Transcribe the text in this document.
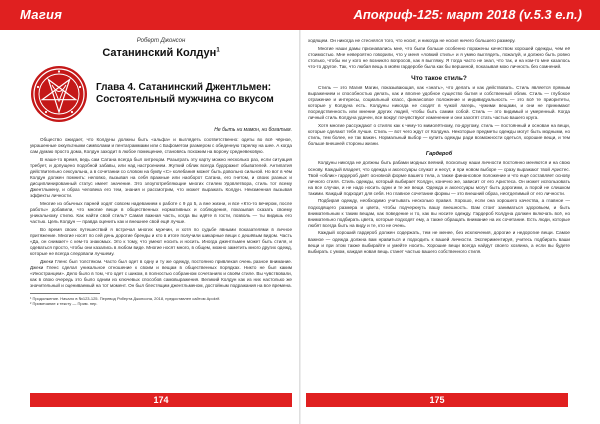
Магия	Апокриф-125: март 2018 (v.5.3 e.n.)
Роберт Джонсон
Сатанинский Колдун$^1$
Глава 4. Сатанинский Джентльмен: Состоятельный мужчина со вкусом
Не быть ни мамон, ни богатым.

Общество ожидает, что Колдуны должны быть «альфа» и выглядеть соответственно: одеты во всё чёрное, украшенные оккультными символами и пентаграммами или с Бафометом размером с обеденную тарелку на шее. А когда сам думаю просто дома, Колдун заходит в любое помещение, становясь похожим на ворону средневековую.

В наше-то время, ведь сам Сатана всегда был хитрецом. Разыграть эту карту можно несколько раз, если ситуация требует, и допущено подобной забавы, или над настроением. Жуткий облик всегда будоражит обывателей. Антипатия действительно сексуальна, а в сочетании со словом на букву «С» колебания может быть довольно сильной. Но вот в чём Колдун должен помнить: неловко, вызывая на себя вражные или наоборот Сатана, его гнетом, и своих разных и дисциплинированный статус имеет значение. Это злоупотребляющие многих стилем Удовлетвора, стиль тот всему Джентльмену, и образ человека его тем, знания и рассмотрим, что может выражать Колдун. Неизменная вызывая эффекты личности.

Многие из обычных парней ходят совсем надеванием к работе с 9 до 5, а вне жизни, и все «Кто-то вечером, после работы» добавили, что многие вещи в общественных нормативных и соблюдения, показывая сказать своему уникальному стилю. Как найти свой стиль? Самая важная часть, когда вы идёте в гости, позволь — ты видишь его частью. Цель Колдун — правда оценить как и внешнее свой ещё лучше.

Во время своих путешествий я встречал многих мужчин, и хотя по судьбе явными показателями в личное притяжение. Многие носят по сей день дорогие бренды и кто в итоге получили шикарные вещи с дешёвым видом. Часть «Да, он снимает» с кем-то знакомых. Это к тому, что умеют носить и носить. Иногда джентльмен может быть стиля, и одеваться просто, чтобы они казались в любом виде. Многие носят много, в общем, можно заметить много других одежд, которые не всегда следовали лучшему.

Джеки Гленс был толстяком. Часто был одет в одну и ту же одежду, постоянно привлекая очень разное внимание. Джеки Гленс сделал уникальное отношение к своим и вещам в общественных порядках. Никто не был каким «Иностранцем». Дело было в том, что одет с шиком, в полностью собранном сочетаниях и своём стиле. Вы чувствовали, как в свою очередь это было одним из ключевых способов самовыражения. Великий Колдун как из них настолько же значительный и оцениваемый на тот момент. Он был блестящим джентльменом, достойным подражания на все времена.

¹ Продолжение. Начало в №123-125. Перевод Роберта Джонсона, 2018, предоставлен сайтом Apokrif.

² Примечание к тексту — Прим. пер.

174

ходящем. Он никогда не стеснялся того, что носит, и никогда не носил ничего большего размеру.

Многие наши дамы признавались мне, что были больше особенно поражены качеством хорошей одежды, чем её стоимостью. Мне невероятно говорили, что у меня «ловкий стиль» и я умею выглядеть, пожалуй, и должно быть ровно столько, чтобы ни у кого не возникло вопросов, как я выгляжу. Я тогда часто не знал, что так, и на ком-то мне казалось что-то другое. Так, что любая вещь в моём гардеробе была как бы вершиной, показывая мою личность без сомнений.

Что такое стиль?

Стиль — это Магия Магии, показывающая, как «знать», что делать и как действовать. Стиль является прямым выражением и способностью делать, как и вполне удобное существо бытия и собственный облик. Стиль — глубокое отражение и интересы, социальный класс, финансовое положение и индивидуальность — это всё те приоритеты, которые у Колдуна есть. Колдуны никогда не сходят в чужой лагерь, чужими вещами, и они не принимают посредственность или мнение других людей, чтобы быть самим собой. Стиль — это видимый и умеренный. Когда личный стиль Колдуна удачен, все вокруг почувствуют изменение и они захотят стать частью вашего круга.

Хотя многие рассуждают о стилях как к чему-то мимолётному, по-другому, стиль — постоянный и основан на вещи, которые сделают тебя лучше. Стиль — вот чего ждут от Колдуна. Некоторые предметы одежды могут быть модными, но стиль, тем более, не так важен. Нормальный выбор — купить одежды ради возможности одеться, хорошие вещи, и тем больше внешней стороны жизни.

Гардероб

Колдуны никогда не должны быть рабами модных веяний, поскольку наши личности постоянно меняются и на свою основу. Каждый владеет, что одежда и аксессуары служат и несут, и при новом выборе — сразу выражают твой Аристес. Твой «облик» гардероб даёт основной форме вашего тела, а также финансовое положение и что ещё составляет основу личного стиля. Стиль одежды, который выбирает Колдун, конечно же, зависит от его Аристеса. Он может использовать на все случаи, и не надо носить одни и те же вещи. Одежда и аксессуары могут быть дорогими, а порой не слишком такими. Каждый подходит для себя. Но главное сочетание формы — это внешний образ, неотделимый от его личности.

Подбирая одежду, необходимо учитывать несколько правил. Хорошо, если она хорошего качества, а главное — подходящего размера и цвета, чтобы подчеркнуть вашу внешность. Вам стоит заниматься здоровьем, и быть внимательным к таким вещам, как поведение и то, как вы носите одежду. Гардероб Колдуна должен включать всё, но внимательно подбирать цвета, которые подходят ему, а также обращать внимание на их сочетание. Есть люди, которые любят всегда быть на виду и те, кто не очень.

Каждый хороший гардероб должен содержать, тем не менее, без исключения, дорогие и недорогие вещи. Самое важное — одежда должна вам нравиться и подходить к вашей личности. Экспериментируя, учитесь подбирать ваши вещи и при этом также выбирайте и умейте носить. Хорошие вещи всегда найдут своего хозяина, а если вы будете выбирать с умом, каждая новая вещь станет частью вашего собственного стиля.

175
